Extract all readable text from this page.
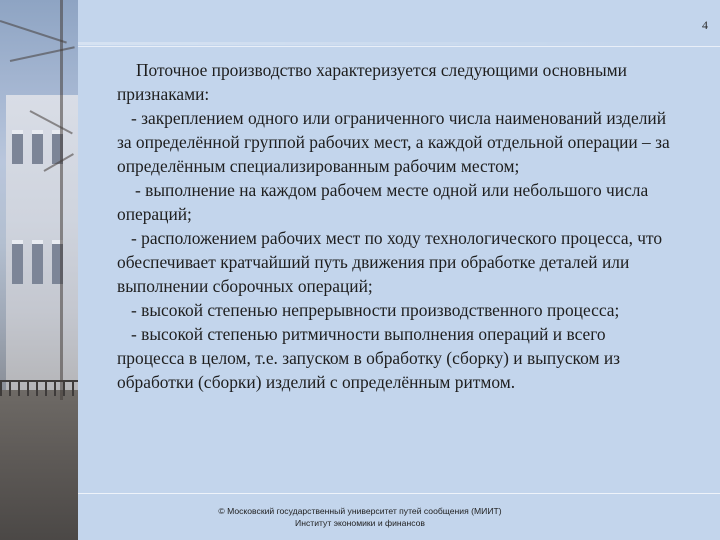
4

Поточное производство характеризуется следующими основными признаками:

- закреплением одного или ограниченного числа наименований изделий за определённой группой рабочих мест, а каждой отдельной операции – за определённым специализированным рабочим местом;

- выполнение на каждом рабочем месте одной или небольшого числа операций;

- расположением рабочих мест по ходу технологического процесса, что обеспечивает кратчайший путь движения при обработке деталей или выполнении сборочных операций;

- высокой степенью непрерывности производственного процесса;

- высокой степенью ритмичности выполнения операций и всего процесса в целом, т.е. запуском в обработку (сборку) и выпуском из обработки (сборки) изделий с определённым ритмом.

© Московский государственный университет путей сообщения (МИИТ)
Институт экономики и финансов
